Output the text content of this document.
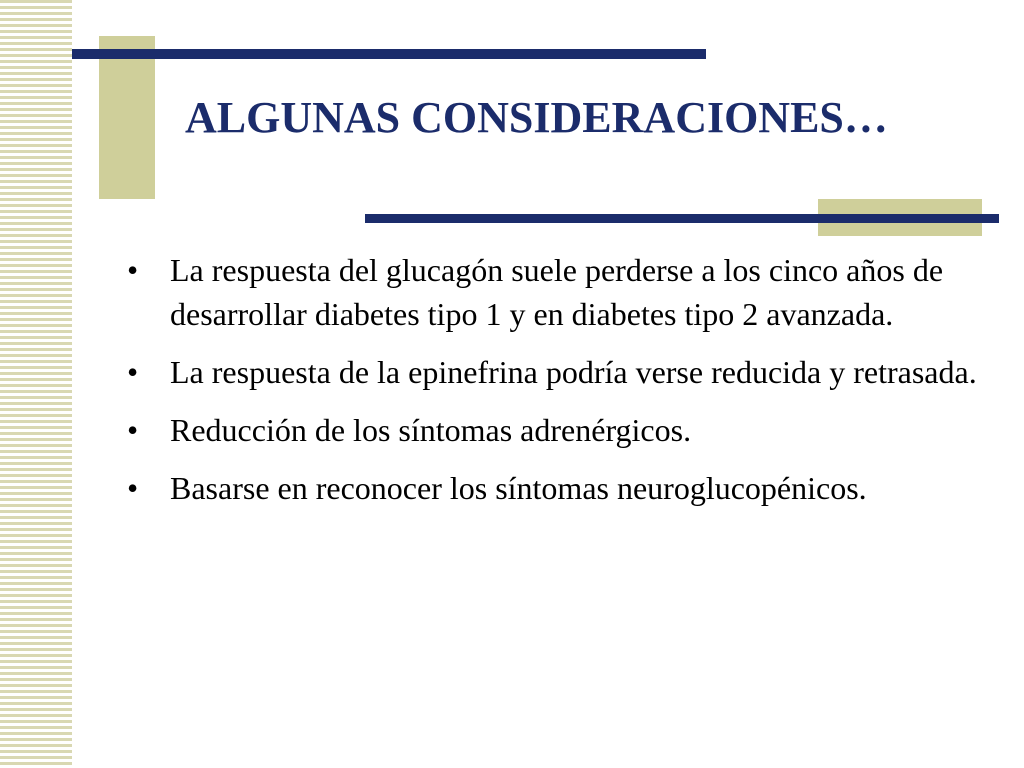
ALGUNAS CONSIDERACIONES…
• La respuesta del glucagón suele perderse a los cinco años de desarrollar diabetes tipo 1 y en diabetes tipo 2 avanzada.
• La respuesta de la epinefrina podría verse reducida y retrasada.
• Reducción de los síntomas adrenérgicos.
• Basarse en reconocer los síntomas neuroglucopénicos.
